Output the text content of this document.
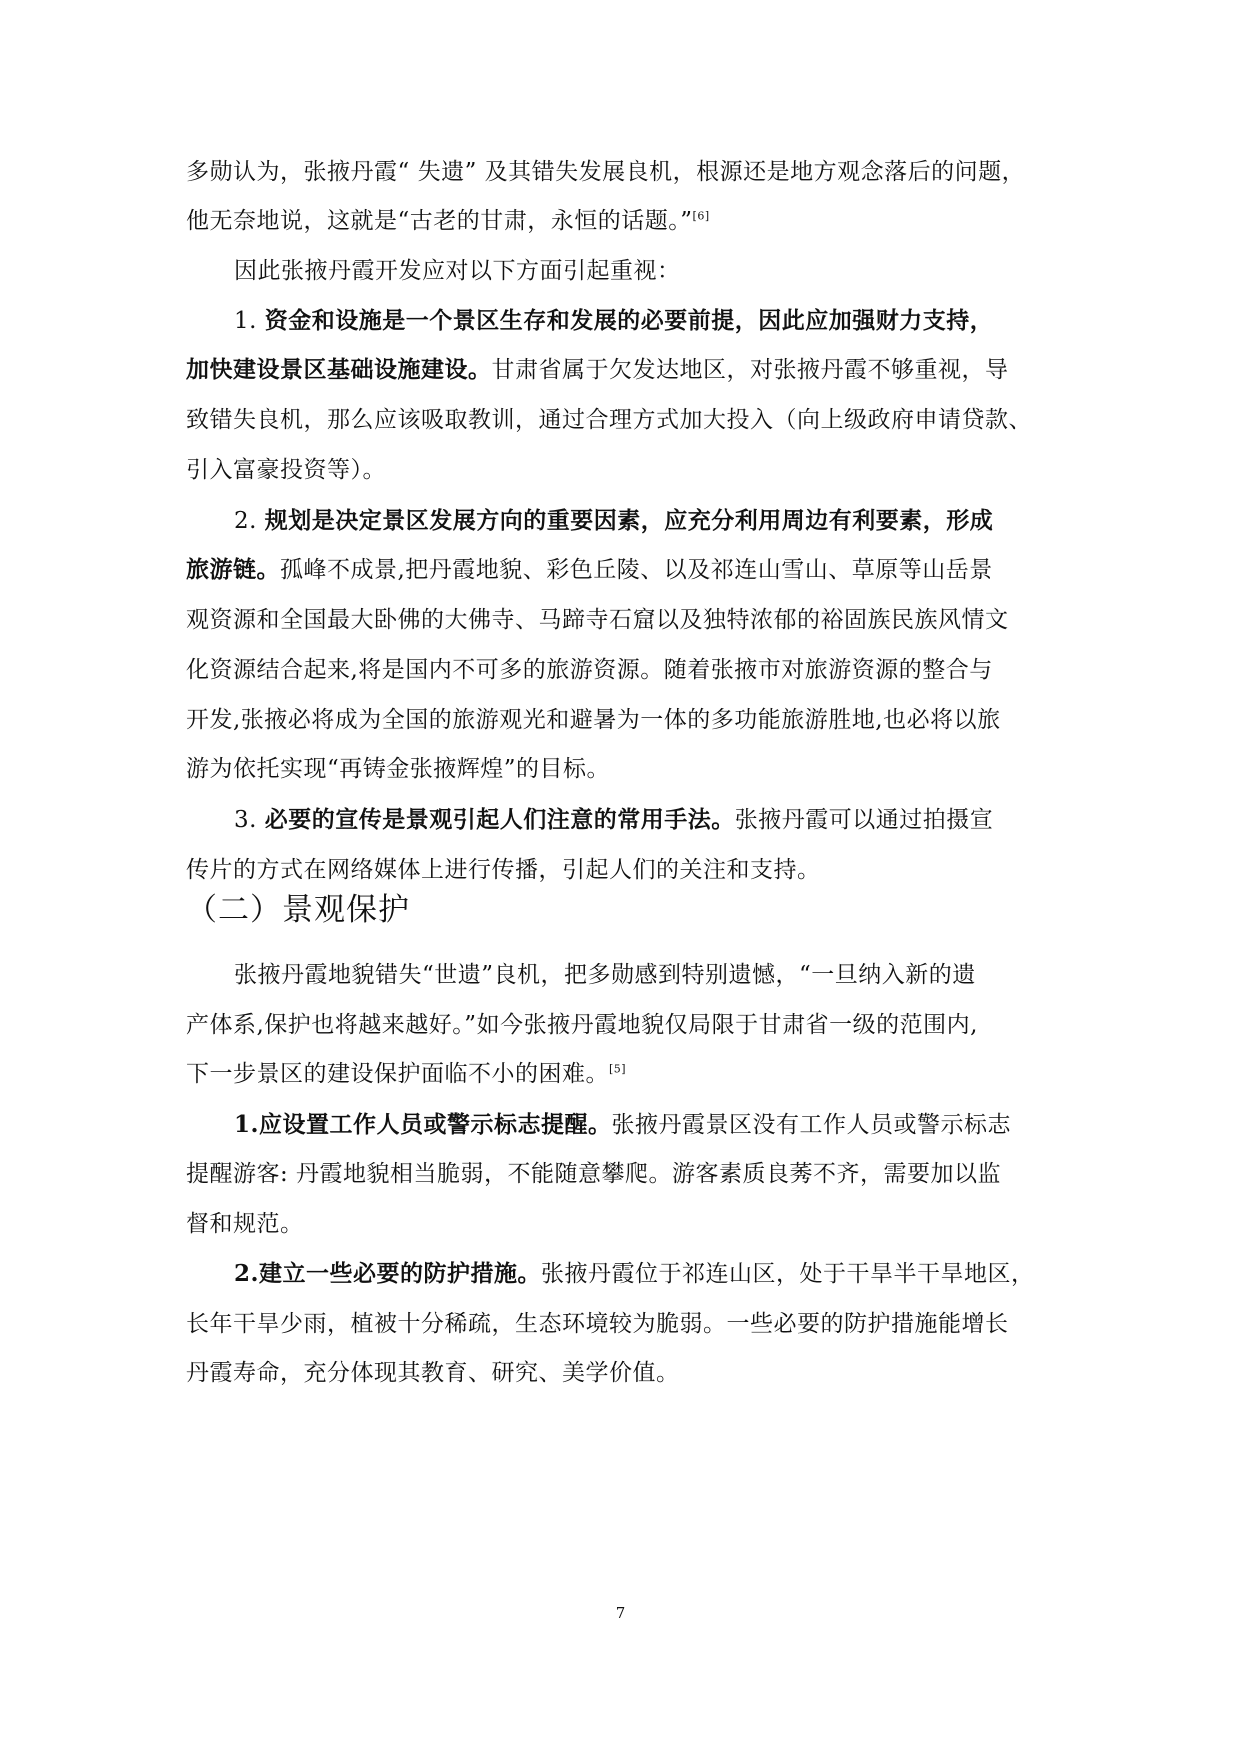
多勋认为，张掖丹霞“ 失遗” 及其错失发展良机，根源还是地方观念落后的问题，
他无奈地说，这就是“古老的甘肃，永恒的话题。”[6]
因此张掖丹霞开发应对以下方面引起重视：
1. 资金和设施是一个景区生存和发展的必要前提，因此应加强财力支持，
加快建设景区基础设施建设。甘肃省属于欠发达地区，对张掖丹霞不够重视，导
致错失良机，那么应该吸取教训，通过合理方式加大投入（向上级政府申请贷款、
引入富豪投资等）。
2. 规划是决定景区发展方向的重要因素，应充分利用周边有利要素，形成
旅游链。孤峰不成景,把丹霞地貌、彩色丘陵、以及祁连山雪山、草原等山岳景
观资源和全国最大卧佛的大佛寺、马蹄寺石窟以及独特浓郁的裕固族民族风情文
化资源结合起来,将是国内不可多的旅游资源。随着张掖市对旅游资源的整合与
开发,张掖必将成为全国的旅游观光和避暑为一体的多功能旅游胜地,也必将以旅
游为依托实现“再铸金张掖辉煌”的目标。
3. 必要的宣传是景观引起人们注意的常用手法。张掖丹霞可以通过拍摄宣
传片的方式在网络媒体上进行传播，引起人们的关注和支持。
（二）景观保护
张掖丹霞地貌错失“世遗”良机，把多勋感到特别遗憾，“一旦纳入新的遗
产体系,保护也将越来越好。”如今张掖丹霞地貌仅局限于甘肃省一级的范围内,
下一步景区的建设保护面临不小的困难。[5]
1.应设置工作人员或警示标志提醒。张掖丹霞景区没有工作人员或警示标志
提醒游客: 丹霞地貌相当脆弱，不能随意攀爬。游客素质良莠不齐，需要加以监
督和规范。
2.建立一些必要的防护措施。张掖丹霞位于祁连山区，处于干旱半干旱地区，
长年干旱少雨，植被十分稀疏，生态环境较为脆弱。一些必要的防护措施能增长
丹霞寿命，充分体现其教育、研究、美学价值。
7
